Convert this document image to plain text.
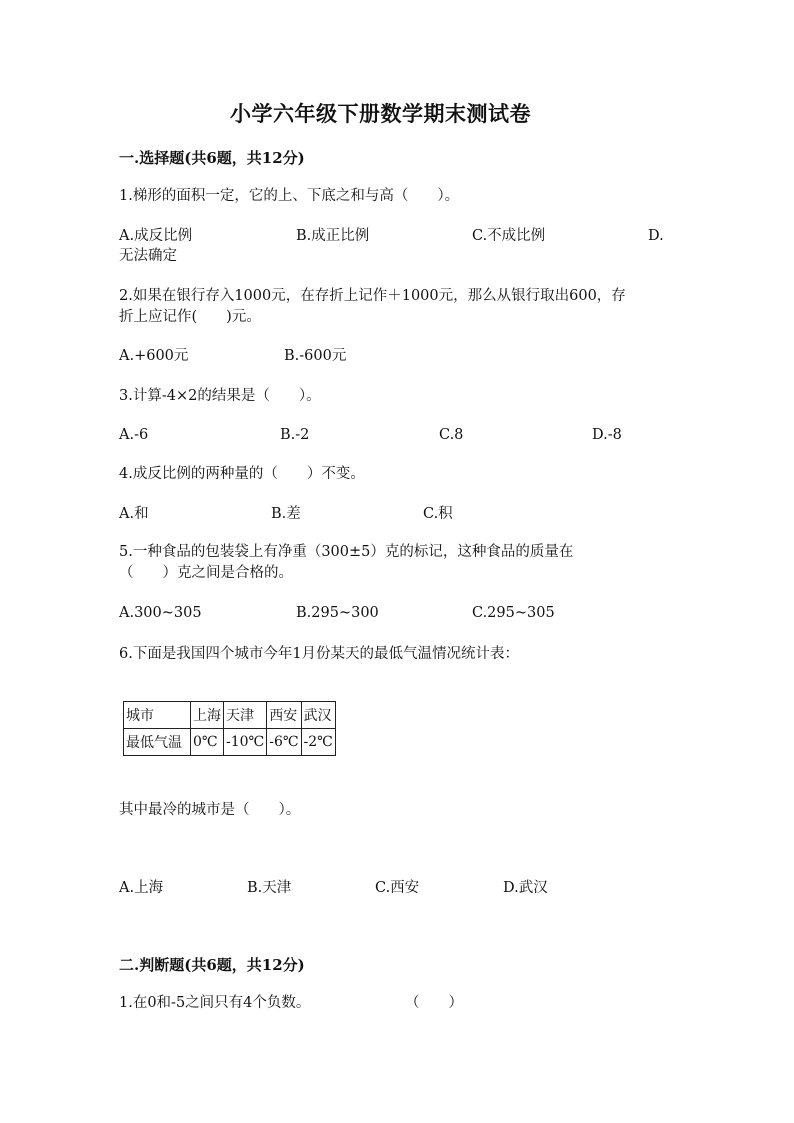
小学六年级下册数学期末测试卷
一.选择题(共6题，共12分)
1.梯形的面积一定，它的上、下底之和与高（　　）。
A.成反比例	B.成正比例	C.不成比例	D.
无法确定
2.如果在银行存入1000元，在存折上记作＋1000元，那么从银行取出600，存
折上应记作(　　)元。
A.+600元	B.-600元
3.计算-4×2的结果是（　　）。
A.-6	B.-2	C.8	D.-8
4.成反比例的两种量的（　　）不变。
A.和	B.差	C.积
5.一种食品的包装袋上有净重（300±5）克的标记，这种食品的质量在
（　　）克之间是合格的。
A.300~305	B.295~300	C.295~305
6.下面是我国四个城市今年1月份某天的最低气温情况统计表：
城市	上海	天津	西安	武汉
最低气温	0℃	-10℃	-6℃	-2℃
其中最冷的城市是（　　）。
A.上海	B.天津	C.西安	D.武汉
二.判断题(共6题，共12分)
1.在0和-5之间只有4个负数。	（　　）
